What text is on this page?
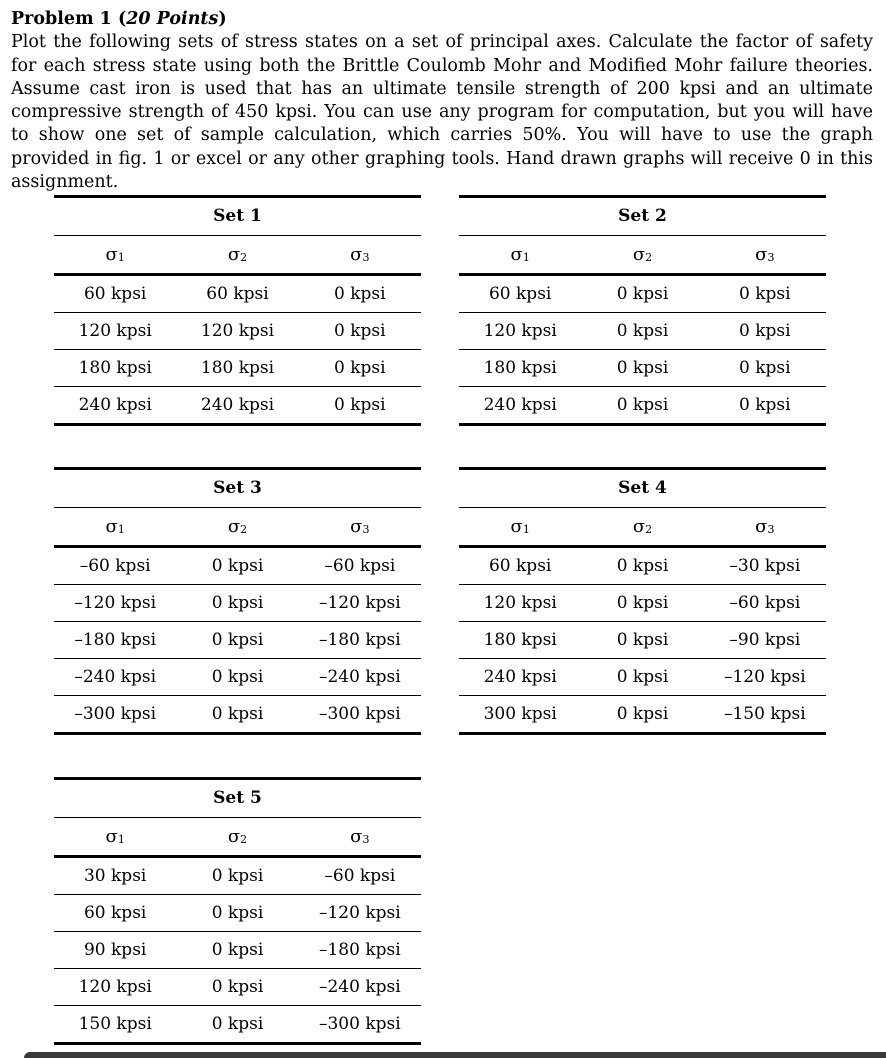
Problem 1 (20 Points)
Plot the following sets of stress states on a set of principal axes. Calculate the factor of safety for each stress state using both the Brittle Coulomb Mohr and Modified Mohr failure theories. Assume cast iron is used that has an ultimate tensile strength of 200 kpsi and an ultimate compressive strength of 450 kpsi. You can use any program for computation, but you will have to show one set of sample calculation, which carries 50%. You will have to use the graph provided in fig. 1 or excel or any other graphing tools. Hand drawn graphs will receive 0 in this assignment.
Set 1
$\sigma_1$	$\sigma_2$	$\sigma_3$
60 kpsi	60 kpsi	0 kpsi
120 kpsi	120 kpsi	0 kpsi
180 kpsi	180 kpsi	0 kpsi
240 kpsi	240 kpsi	0 kpsi
Set 2
$\sigma_1$	$\sigma_2$	$\sigma_3$
60 kpsi	0 kpsi	0 kpsi
120 kpsi	0 kpsi	0 kpsi
180 kpsi	0 kpsi	0 kpsi
240 kpsi	0 kpsi	0 kpsi
Set 3
$\sigma_1$	$\sigma_2$	$\sigma_3$
–60 kpsi	0 kpsi	–60 kpsi
–120 kpsi	0 kpsi	–120 kpsi
–180 kpsi	0 kpsi	–180 kpsi
–240 kpsi	0 kpsi	–240 kpsi
–300 kpsi	0 kpsi	–300 kpsi
Set 4
$\sigma_1$	$\sigma_2$	$\sigma_3$
60 kpsi	0 kpsi	–30 kpsi
120 kpsi	0 kpsi	–60 kpsi
180 kpsi	0 kpsi	–90 kpsi
240 kpsi	0 kpsi	–120 kpsi
300 kpsi	0 kpsi	–150 kpsi
Set 5
$\sigma_1$	$\sigma_2$	$\sigma_3$
30 kpsi	0 kpsi	–60 kpsi
60 kpsi	0 kpsi	–120 kpsi
90 kpsi	0 kpsi	–180 kpsi
120 kpsi	0 kpsi	–240 kpsi
150 kpsi	0 kpsi	–300 kpsi
